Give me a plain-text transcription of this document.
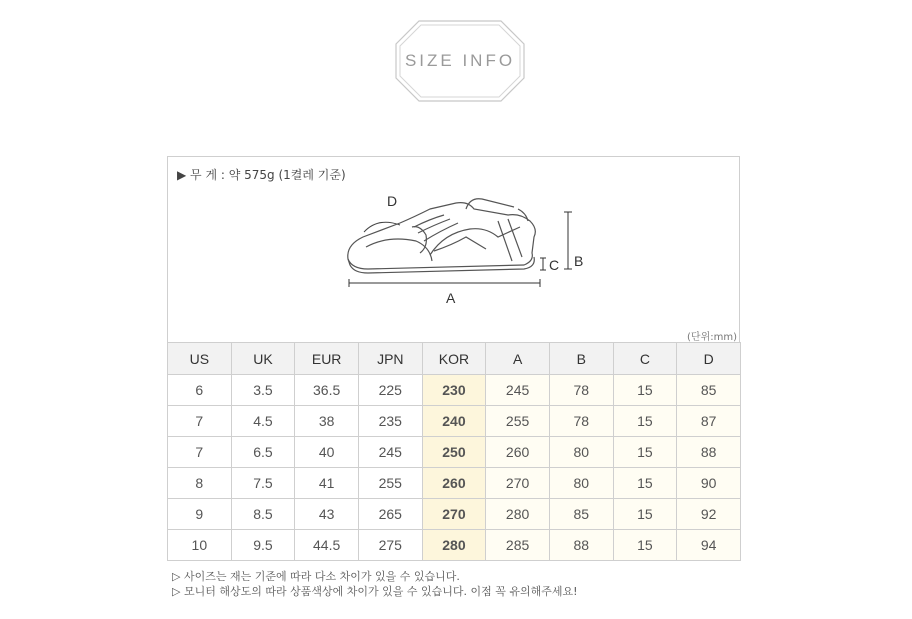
SIZE INFO
▶ 무 게 : 약 575g (1켤레 기준)
D
A
B
C
(단위:mm)
US	UK	EUR	JPN	KOR	A	B	C	D
6	3.5	36.5	225	230	245	78	15	85
7	4.5	38	235	240	255	78	15	87
7	6.5	40	245	250	260	80	15	88
8	7.5	41	255	260	270	80	15	90
9	8.5	43	265	270	280	85	15	92
10	9.5	44.5	275	280	285	88	15	94
▷ 사이즈는 재는 기준에 따라 다소 차이가 있을 수 있습니다.
▷ 모니터 해상도의 따라 상품색상에 차이가 있을 수 있습니다. 이점 꼭 유의해주세요!
